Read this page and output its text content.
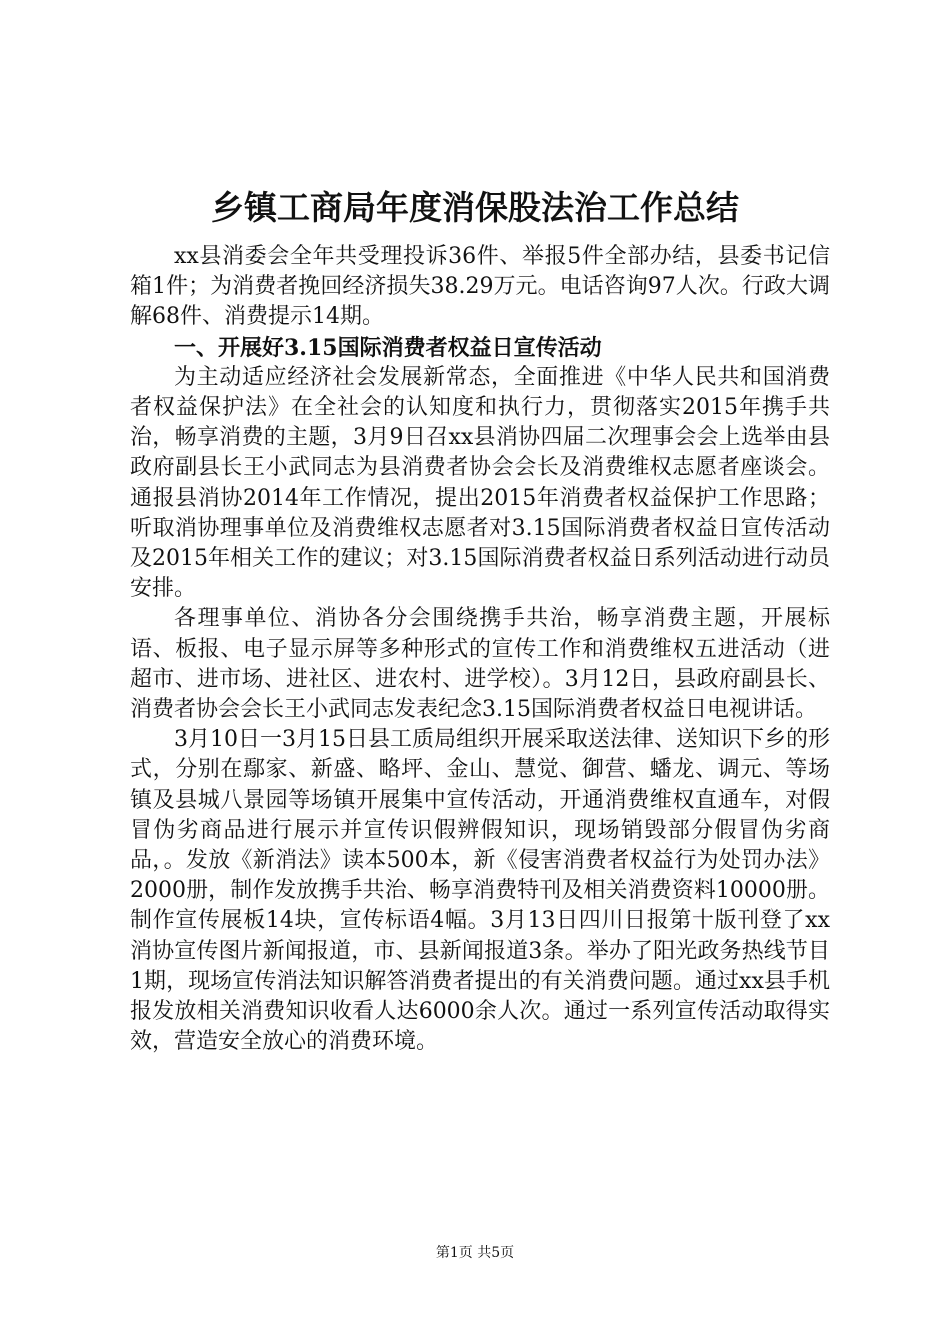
乡镇工商局年度消保股法治工作总结

xx县消委会全年共受理投诉36件、举报5件全部办结，县委书记信箱1件；为消费者挽回经济损失38.29万元。电话咨询97人次。行政大调解68件、消费提示14期。

一、开展好3.15国际消费者权益日宣传活动

为主动适应经济社会发展新常态，全面推进《中华人民共和国消费者权益保护法》在全社会的认知度和执行力，贯彻落实2015年携手共治，畅享消费的主题，3月9日召xx县消协四届二次理事会会上选举由县政府副县长王小武同志为县消费者协会会长及消费维权志愿者座谈会。通报县消协2014年工作情况，提出2015年消费者权益保护工作思路；听取消协理事单位及消费维权志愿者对3.15国际消费者权益日宣传活动及2015年相关工作的建议；对3.15国际消费者权益日系列活动进行动员安排。

各理事单位、消协各分会围绕携手共治，畅享消费主题，开展标语、板报、电子显示屏等多种形式的宣传工作和消费维权五进活动（进超市、进市场、进社区、进农村、进学校）。3月12日，县政府副县长、消费者协会会长王小武同志发表纪念3.15国际消费者权益日电视讲话。

3月10日一3月15日县工质局组织开展采取送法律、送知识下乡的形式，分别在鄢家、新盛、略坪、金山、慧觉、御营、蟠龙、调元、等场镇及县城八景园等场镇开展集中宣传活动，开通消费维权直通车，对假冒伪劣商品进行展示并宣传识假辨假知识，现场销毁部分假冒伪劣商品，。发放《新消法》读本500本，新《侵害消费者权益行为处罚办法》2000册，制作发放携手共治、畅享消费特刊及相关消费资料10000册。制作宣传展板14块，宣传标语4幅。3月13日四川日报第十版刊登了xx消协宣传图片新闻报道，市、县新闻报道3条。举办了阳光政务热线节目1期，现场宣传消法知识解答消费者提出的有关消费问题。通过xx县手机报发放相关消费知识收看人达6000余人次。通过一系列宣传活动取得实效，营造安全放心的消费环境。

第1页 共5页
